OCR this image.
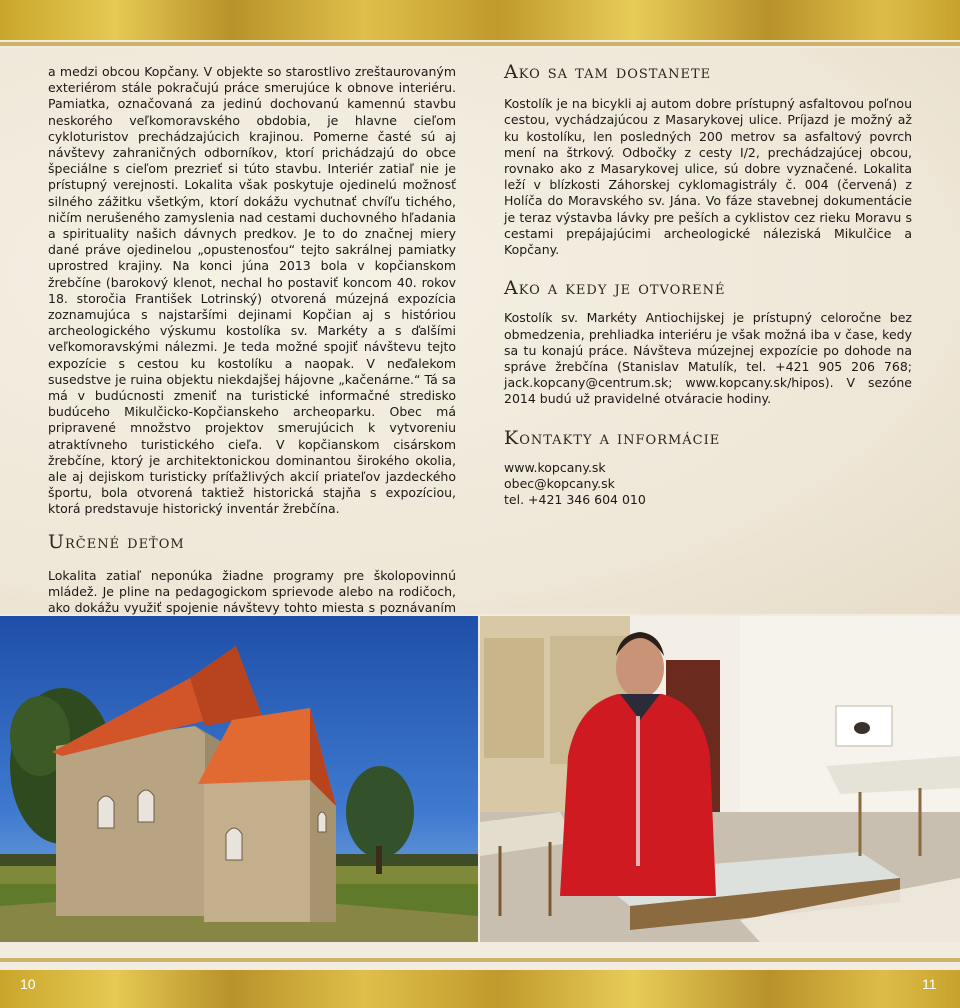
a medzi obcou Kopčany. V objekte so starostlivo zreštaurovaným exteriérom stále pokračujú práce smerujúce k obnove interiéru. Pamiatka, označovaná za jedinú dochovanú kamennú stavbu neskorého veľkomoravského obdobia, je hlavne cieľom cykloturistov prechádzajúcich krajinou. Pomerne časté sú aj návštevy zahraničných odborníkov, ktorí prichádzajú do obce špeciálne s cieľom prezrieť si túto stavbu. Interiér zatiaľ nie je prístupný verejnosti. Lokalita však poskytuje ojedinelú možnosť silného zážitku všetkým, ktorí dokážu vychutnať chvíľu tichého, ničím nerušeného zamyslenia nad cestami duchovného hľadania a spirituality našich dávnych predkov. Je to do značnej miery dané práve ojedinelou „opustenosťou“ tejto sakrálnej pamiatky uprostred krajiny. Na konci júna 2013 bola v kopčianskom žrebčíne (barokový klenot, nechal ho postaviť koncom 40. rokov 18. storočia František Lotrinský) otvorená múzejná expozícia zoznamujúca s najstaršími dejinami Kopčian aj s históriou archeologického výskumu kostolíka sv. Markéty a s ďalšími veľkomoravskými nálezmi. Je teda možné spojiť návštevu tejto expozície s cestou ku kostolíku a naopak. V neďalekom susedstve je ruina objektu niekdajšej hájovne „kačenárne.“ Tá sa má v budúcnosti zmeniť na turistické informačné stredisko budúceho Mikulčicko-Kopčianskeho archeoparku. Obec má pripravené množstvo projektov smerujúcich k vytvoreniu atraktívneho turistického cieľa. V kopčianskom cisárskom žrebčíne, ktorý je architektonickou dominantou širokého okolia, ale aj dejiskom turisticky príťažlivých akcií priateľov jazdeckého športu, bola otvorená taktiež historická stajňa s expozíciou, ktorá predstavuje historický inventár žrebčína.

Určené deťom

Lokalita zatiaľ neponúka žiadne programy pre školopovinnú mládež. Je pline na pedagogickom sprievode alebo na rodičoch, ako dokážu využiť spojenie návštevy tohto miesta s poznávaním

Ako sa tam dostanete

Kostolík je na bicykli aj autom dobre prístupný asfaltovou poľnou cestou, vychádzajúcou z Masarykovej ulice. Príjazd je možný až ku kostolíku, len posledných 200 metrov sa asfaltový povrch mení na štrkový. Odbočky z cesty I/2, prechádzajúcej obcou, rovnako ako z Masarykovej ulice, sú dobre vyznačené. Lokalita leží v blízkosti Záhorskej cyklomagistrály č. 004 (červená) z Holíča do Moravského sv. Jána. Vo fáze stavebnej dokumentácie je teraz výstavba lávky pre peších a cyklistov cez rieku Moravu s cestami prepájajúcimi archeologické náleziská Mikulčice a Kopčany.

Ako a kedy je otvorené

Kostolík sv. Markéty Antiochijskej je prístupný celoročne bez obmedzenia, prehliadka interiéru je však možná iba v čase, kedy sa tu konajú práce. Návšteva múzejnej expozície po dohode na správe žrebčína (Stanislav Matulík, tel. +421 905 206 768; jack.kopcany@centrum.sk; www.kopcany.sk/hipos). V sezóne 2014 budú už pravidelné otváracie hodiny.

Kontakty a informácie

www.kopcany.sk

obec@kopcany.sk

tel. +421 346 604 010

10	11
